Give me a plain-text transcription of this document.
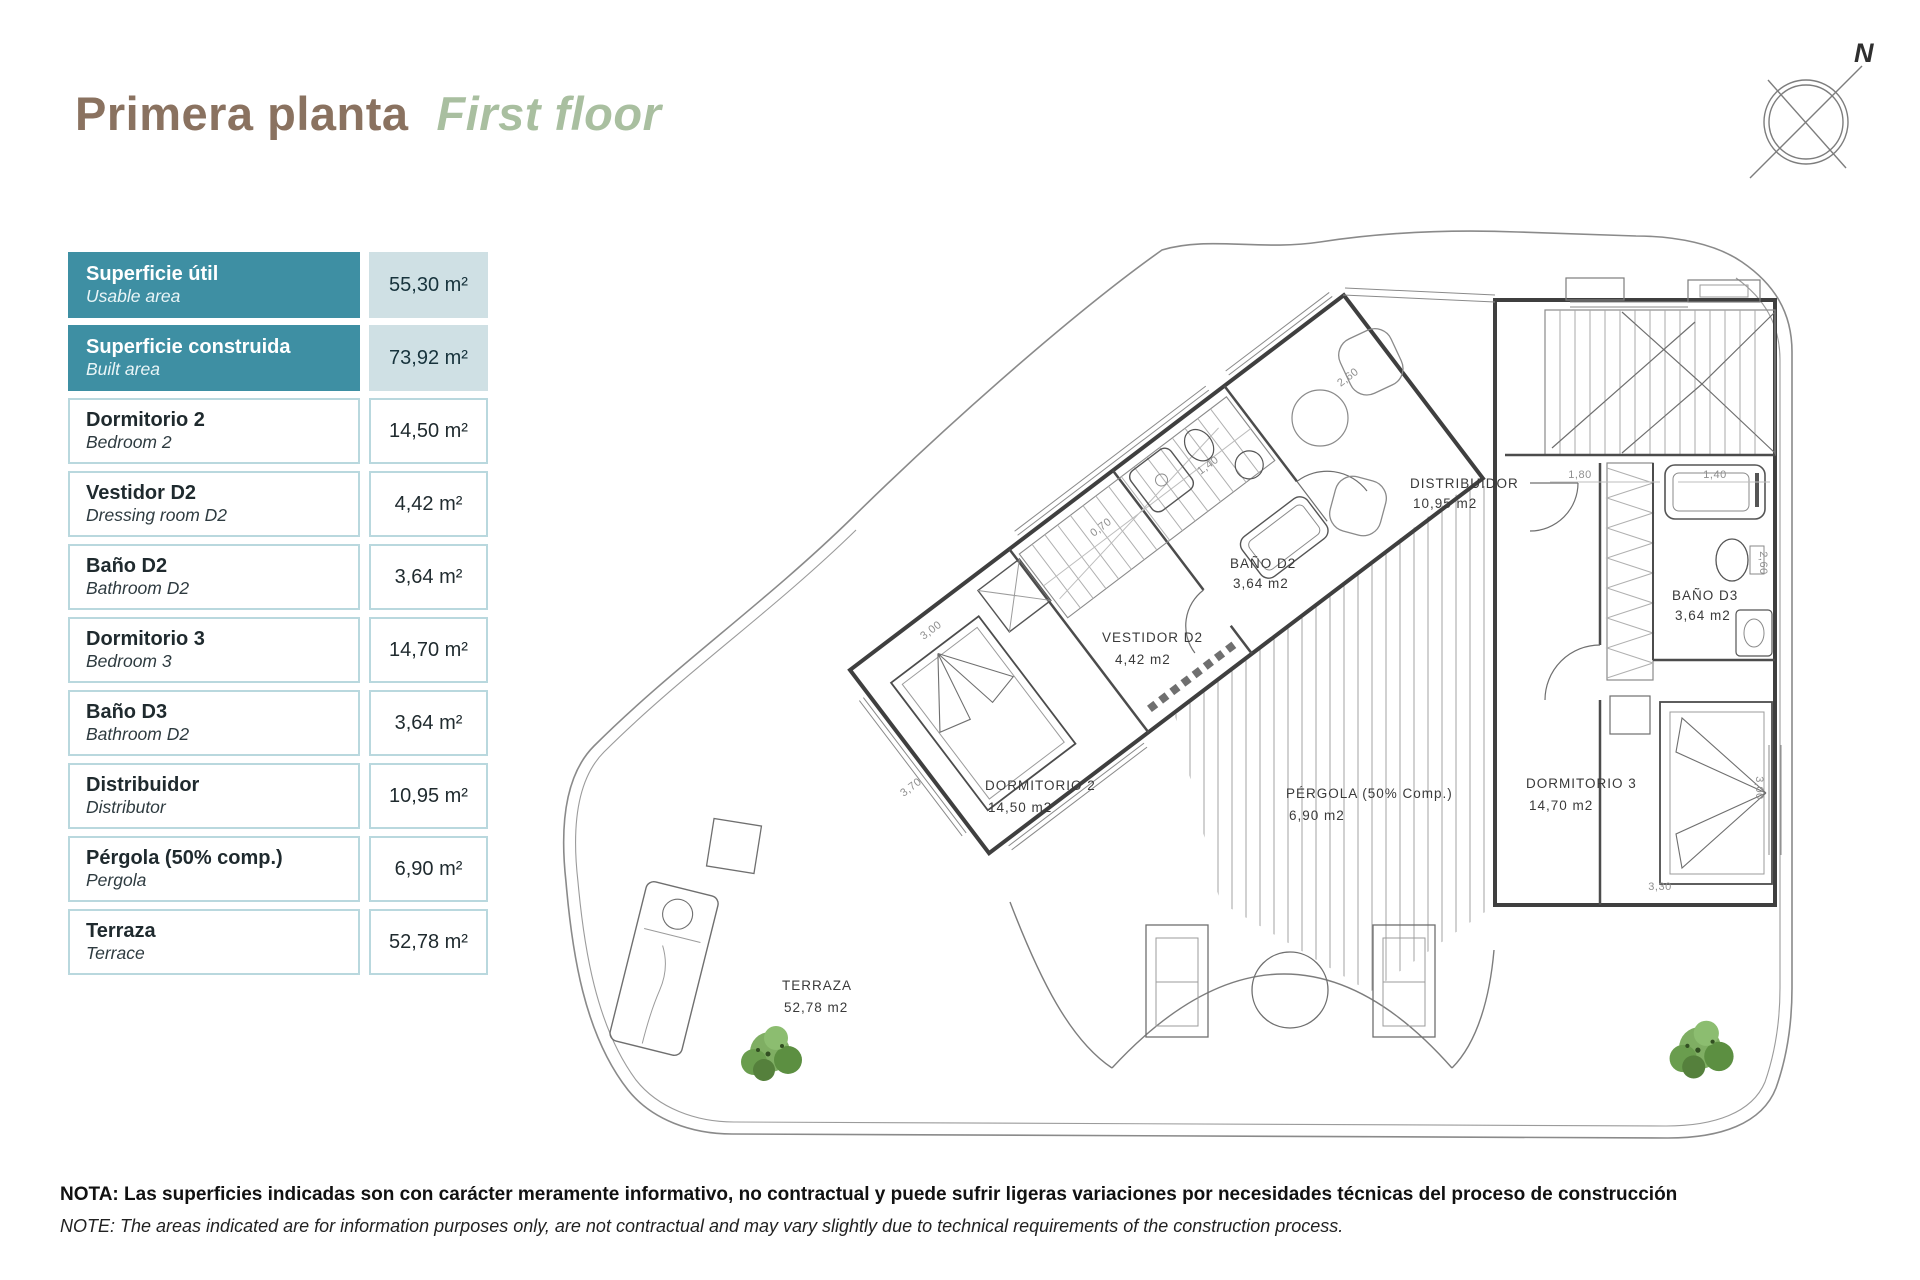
Primera planta First floor
N
Superficie útil
Usable area
55,30 m²
Superficie construida
Built area
73,92 m²
Dormitorio 2
Bedroom 2
14,50 m²
Vestidor D2
Dressing room D2
4,42 m²
Baño D2
Bathroom D2
3,64 m²
Dormitorio 3
Bedroom 3
14,70 m²
Baño D3
Bathroom D2
3,64 m²
Distribuidor
Distributor
10,95 m²
Pérgola (50% comp.)
Pergola
6,90 m²
Terraza
Terrace
52,78 m²
DORMITORIO 2
14,50 m2
VESTIDOR D2
4,42 m2
BAÑO D2
3,64 m2
DISTRIBUIDOR
10,95 m2
BAÑO D3
3,64 m2
DORMITORIO 3
14,70 m2
PÉRGOLA (50% Comp.)
6,90 m2
TERRAZA
52,78 m2
2,60
1,40
3,00
0,70
3,70
1,80	1,40
2,60
3,00
3,30

NOTA: Las superficies indicadas son con carácter meramente informativo, no contractual y puede sufrir ligeras variaciones por necesidades técnicas del proceso de construcción

NOTE: The areas indicated are for information purposes only, are not contractual and may vary slightly due to technical requirements of the construction process.
